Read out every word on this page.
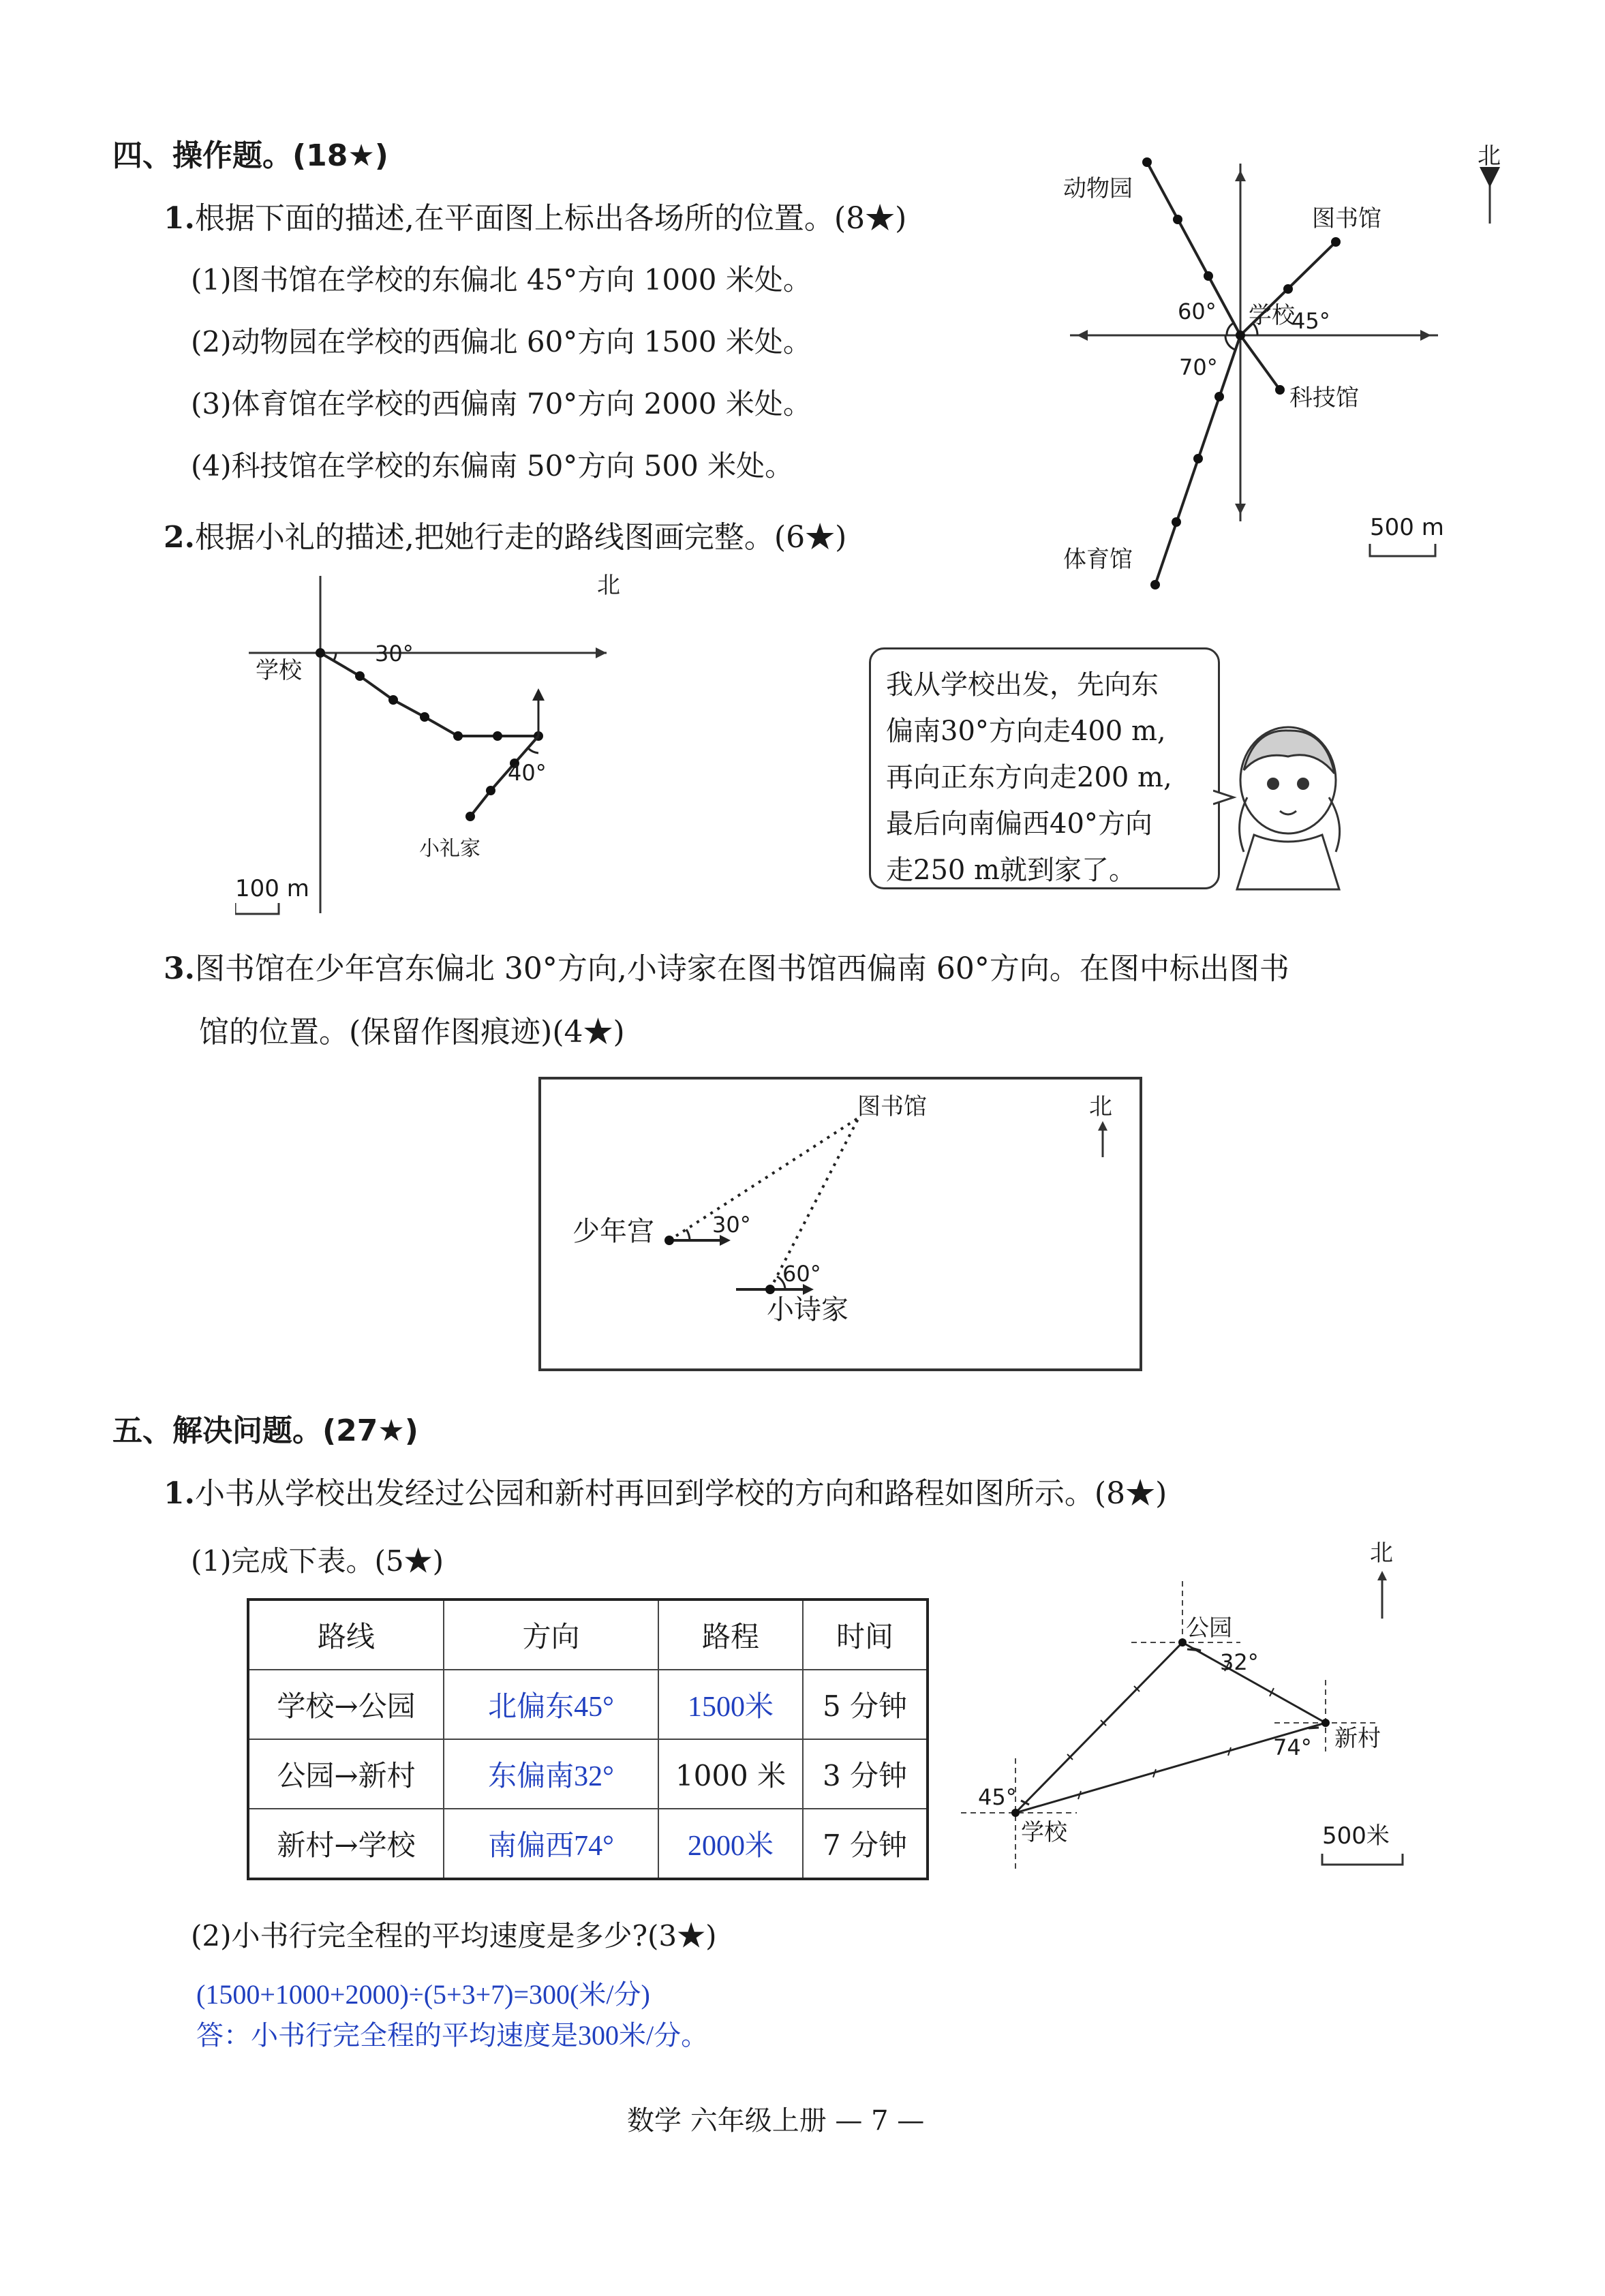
四、操作题。(18★)
1.根据下面的描述,在平面图上标出各场所的位置。(8★)
(1)图书馆在学校的东偏北 45°方向 1000 米处。
(2)动物园在学校的西偏北 60°方向 1500 米处。
(3)体育馆在学校的西偏南 70°方向 2000 米处。
(4)科技馆在学校的东偏南 50°方向 500 米处。
北
动物园
图书馆
科技馆
体育馆
学校
60°	45°
70°
500 m
2.根据小礼的描述,把她行走的路线图画完整。(6★)
北
学校
30°
40°
小礼家
100 m
我从学校出发，先向东
偏南30°方向走400 m,
再向正东方向走200 m,
最后向南偏西40°方向
走250 m就到家了。
3.图书馆在少年宫东偏北 30°方向,小诗家在图书馆西偏南 60°方向。在图中标出图书
馆的位置。(保留作图痕迹)(4★)
图书馆	北
少年宫	30°
60°
小诗家
五、解决问题。(27★)
1.小书从学校出发经过公园和新村再回到学校的方向和路程如图所示。(8★)
(1)完成下表。(5★)
路线	方向	路程	时间
学校→公园	北偏东45°	1500米	5 分钟
公园→新村	东偏南32°	1000 米	3 分钟
新村→学校	南偏西74°	2000米	7 分钟
北
公园
32°
新村
74°
45°
学校	500米
(2)小书行完全程的平均速度是多少?(3★)
(1500+1000+2000)÷(5+3+7)=300(米/分)
答：小书行完全程的平均速度是300米/分。
数学 六年级上册 — 7 —
